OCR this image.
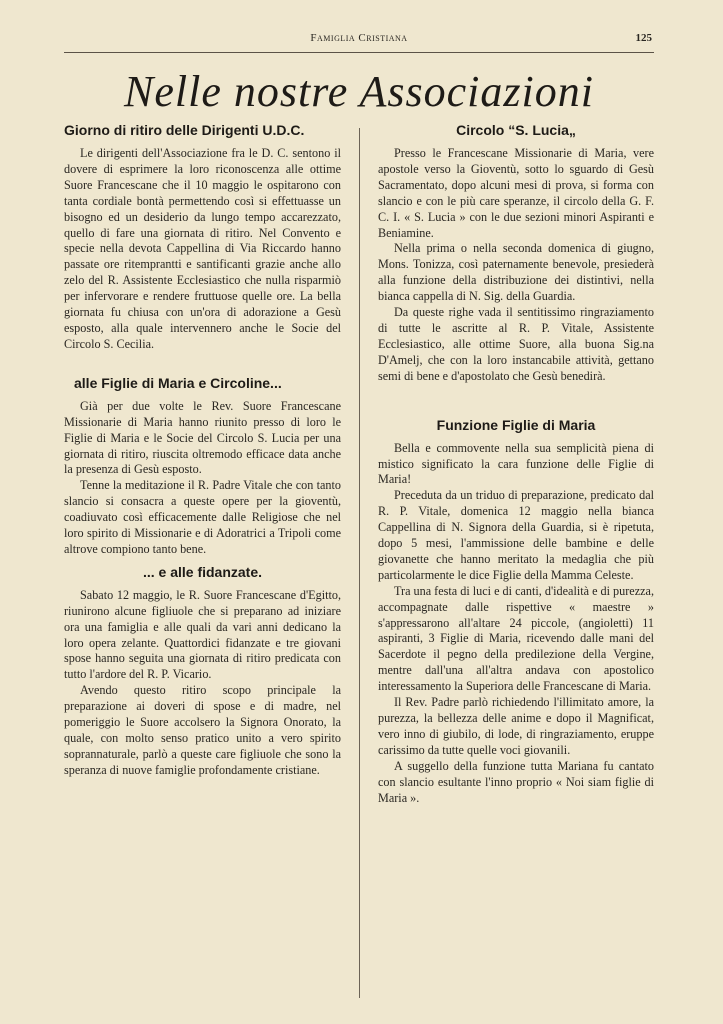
Famiglia Cristiana	125
Nelle nostre Associazioni
Giorno di ritiro delle Dirigenti U.D.C.

Le dirigenti dell'Associazione fra le D. C. sentono il dovere di esprimere la loro riconoscenza alle ottime Suore Francescane che il 10 maggio le ospitarono con tanta cordiale bontà permettendo così si effettuasse un bisogno ed un desiderio da lungo tempo accarezzato, quello di fare una giornata di ritiro. Nel Convento e specie nella devota Cappellina di Via Riccardo hanno passate ore ritemprantti e santificanti grazie anche allo zelo del R. Assistente Ecclesiastico che nulla risparmiò per infervorare e rendere fruttuose quelle ore. La bella giornata fu chiusa con un'ora di adorazione a Gesù esposto, alla quale intervennero anche le Socie del Circolo S. Cecilia.

alle Figlie di Maria e Circoline...

Già per due volte le Rev. Suore Francescane Missionarie di Maria hanno riunito presso di loro le Figlie di Maria e le Socie del Circolo S. Lucia per una giornata di ritiro, riuscita oltremodo efficace data anche la presenza di Gesù esposto.

Tenne la meditazione il R. Padre Vitale che con tanto slancio si consacra a queste opere per la gioventù, coadiuvato così efficacemente dalle Religiose che nel loro spirito di Missionarie e di Adoratrici a Tripoli come altrove compiono tanto bene.

... e alle fidanzate.

Sabato 12 maggio, le R. Suore Francescane d'Egitto, riunirono alcune figliuole che si preparano ad iniziare ora una famiglia e alle quali da vari anni dedicano la loro opera zelante. Quattordici fidanzate e tre giovani spose hanno seguita una giornata di ritiro predicata con tutto l'ardore del R. P. Vicario.

Avendo questo ritiro scopo principale la preparazione ai doveri di spose e di madre, nel pomeriggio le Suore accolsero la Signora Onorato, la quale, con molto senso pratico unito a vero spirito soprannaturale, parlò a queste care figliuole che sono la speranza di nuove famiglie profondamente cristiane.

Circolo “S. Lucia„

Presso le Francescane Missionarie di Maria, vere apostole verso la Gioventù, sotto lo sguardo di Gesù Sacramentato, dopo alcuni mesi di prova, si forma con slancio e con le più care speranze, il circolo della G. F. C. I. « S. Lucia » con le due sezioni minori Aspiranti e Beniamine.

Nella prima o nella seconda domenica di giugno, Mons. Tonizza, così paternamente benevole, presiederà alla funzione della distribuzione dei distintivi, nella bianca cappella di N. Sig. della Guardia.

Da queste righe vada il sentitissimo ringraziamento di tutte le ascritte al R. P. Vitale, Assistente Ecclesiastico, alle ottime Suore, alla buona Sig.na D'Amelj, che con la loro instancabile attività, gettano semi di bene e d'apostolato che Gesù benedirà.

Funzione Figlie di Maria

Bella e commovente nella sua semplicità piena di mistico significato la cara funzione delle Figlie di Maria!

Preceduta da un triduo di preparazione, predicato dal R. P. Vitale, domenica 12 maggio nella bianca Cappellina di N. Signora della Guardia, si è ripetuta, dopo 5 mesi, l'ammissione delle bambine e delle giovanette che hanno meritato la medaglia che più particolarmente le dice Figlie della Mamma Celeste.

Tra una festa di luci e di canti, d'idealità e di purezza, accompagnate dalle rispettive « maestre » s'appressarono all'altare 24 piccole, (angioletti) 11 aspiranti, 3 Figlie di Maria, ricevendo dalle mani del Sacerdote il pegno della predilezione della Vergine, mentre dall'una all'altra andava con apostolico interessamento la Superiora delle Francescane di Maria.

Il Rev. Padre parlò richiedendo l'illimitato amore, la purezza, la bellezza delle anime e dopo il Magnificat, vero inno di giubilo, di lode, di ringraziamento, eruppe carissimo da tutte quelle voci giovanili.

A suggello della funzione tutta Mariana fu cantato con slancio esultante l'inno proprio « Noi siam figlie di Maria ».
